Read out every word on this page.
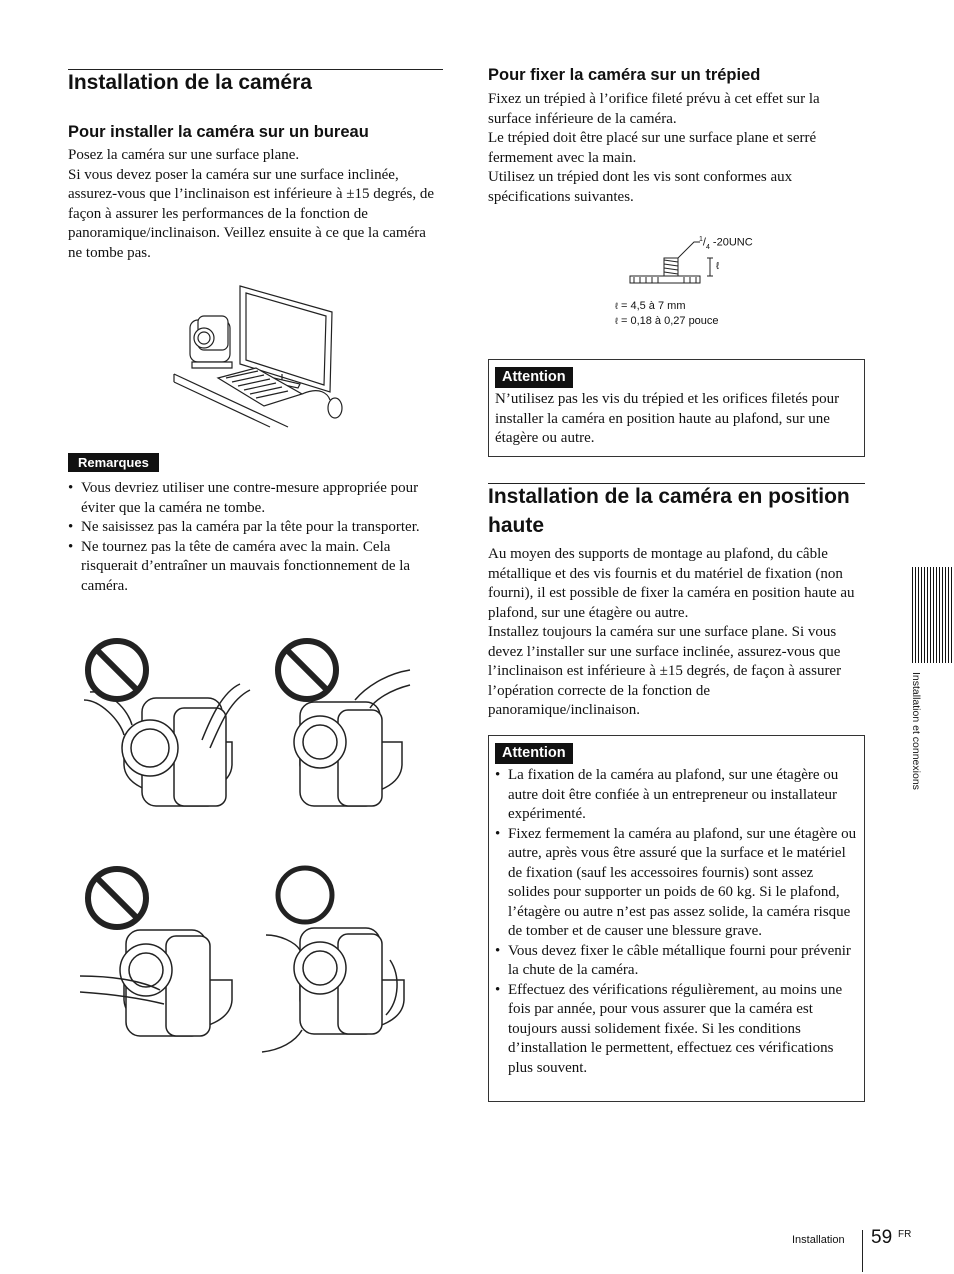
Installation de la caméra
Pour installer la caméra sur un bureau

Posez la caméra sur une surface plane.

Si vous devez poser la caméra sur une surface inclinée, assurez-vous que l’inclinaison est inférieure à ±15 degrés, de façon à assurer les performances de la fonction de panoramique/inclinaison. Veillez ensuite à ce que la caméra ne tombe pas.

Remarques
• Vous devriez utiliser une contre-mesure appropriée pour éviter que la caméra ne tombe.
• Ne saisissez pas la caméra par la tête pour la transporter.
• Ne tournez pas la tête de caméra avec la main. Cela risquerait d’entraîner un mauvais fonctionnement de la caméra.
Pour fixer la caméra sur un trépied

Fixez un trépied à l’orifice fileté prévu à cet effet sur la surface inférieure de la caméra.

Le trépied doit être placé sur une surface plane et serré fermement avec la main.

Utilisez un trépied dont les vis sont conformes aux spécifications suivantes.

$^1/_4$ -20UNC
ℓ
ℓ = 4,5 à 7 mm
ℓ = 0,18 à 0,27 pouce
Attention

N’utilisez pas les vis du trépied et les orifices filetés pour installer la caméra en position haute au plafond, sur une étagère ou autre.

Installation de la caméra en position haute

Au moyen des supports de montage au plafond, du câble métallique et des vis fournis et du matériel de fixation (non fourni), il est possible de fixer la caméra en position haute au plafond, sur une étagère ou autre.

Installez toujours la caméra sur une surface plane. Si vous devez l’installer sur une surface inclinée, assurez-vous que l’inclinaison est inférieure à ±15 degrés, de façon à assurer l’opération correcte de la fonction de panoramique/inclinaison.

Attention
• La fixation de la caméra au plafond, sur une étagère ou autre doit être confiée à un entrepreneur ou installateur expérimenté.
• Fixez fermement la caméra au plafond, sur une étagère ou autre, après vous être assuré que la surface et le matériel de fixation (sauf les accessoires fournis) sont assez solides pour supporter un poids de 60 kg. Si le plafond, l’étagère ou autre n’est pas assez solide, la caméra risque de tomber et de causer une blessure grave.
• Vous devez fixer le câble métallique fourni pour prévenir la chute de la caméra.
• Effectuez des vérifications régulièrement, au moins une fois par année, pour vous assurer que la caméra est toujours aussi solidement fixée. Si les conditions d’installation le permettent, effectuez ces vérifications plus souvent.
Installation et connexions
Installation 59 FR
